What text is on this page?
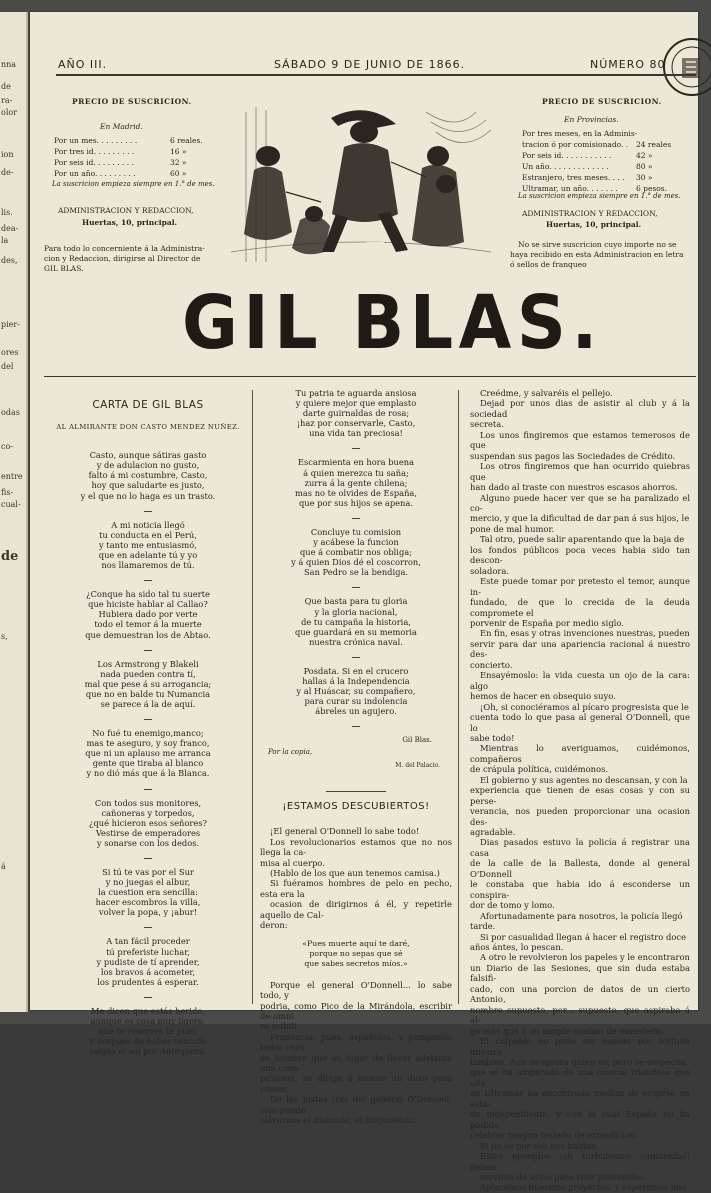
nna
de
ra-
olor
ion
de-
lis.
dea-
la
des,
pier-
ores
del
odas
co-
entre
fis-
cual-
de
s,
á
AÑO III.	SÁBADO 9 DE JUNIO DE 1866.	NÚMERO 80
PRECIO DE SUSCRICION.
En Madrid.
Por un mes. . . . . . . . .	6 reales.
Por tres id. . . . . . . . .	16 »
Por seis id. . . . . . . . .	32 »
Por un año. . . . . . . . .	60 »
La suscricion empieza siempre en 1.° de mes.
ADMINISTRACION Y REDACCION,
Huertas, 10, principal.
Para todo lo concerniente á la Administra-
cion y Redaccion, dirigirse al Director de
GIL BLAS.
PRECIO DE SUSCRICION.
En Provincias.
Por tres meses, en la Adminis-
tracion ó por comisionado. . 24 reales
Por seis id. . . . . . . . . . .	42 »
Un año. . . . . . . . . . . . .	80 »
Estranjero, tres meses. . . . 30 »
Ultramar, un año. . . . . . . 6 pesos.
La suscricion empieza siempre en 1.° de mes.
ADMINISTRACION Y REDACCION,
Huertas, 10, principal.
No se sirve suscricion cuyo importe no se
haya recibido en esta Administracion en letra
ó sellos de franqueo
GIL BLAS.
CARTA DE GIL BLAS
AL ALMIRANTE DON CASTO MENDEZ NUÑEZ.
Casto, aunque sátiras gasto
y de adulacion no gusto,
falto á mi costumbre, Casto,
hoy que saludarte es justo,
y el que no lo haga es un trasto.
A mi noticia llegó
tu conducta en el Perú,
y tanto me entusiasmó,
que en adelante tú y yo
nos llamaremos de tú.
¿Conque ha sido tal tu suerte
que hiciste hablar al Callao?
Hubiera dado por verte
todo el temor á la muerte
que demuestran los de Abtao.
Los Armstrong y Blakeli
nada pueden contra tí,
mal que pese á su arrogancia;
que no en balde tu Numancia
se parece á la de aquí.
No fué tu enemigo,manco;
mas te aseguro, y soy franco,
que ni un aplauso me arranca
gente que tiraba al blanco
y no dió más que á la Blanca.
Con todos sus monitores,
cañoneras y torpedos,
¿qué hicieron esos señores?
Vestirse de emperadores
y sonarse con los dedos.
Si tú te vas por el Sur
y no juegas el albur,
la cuestion era sencilla:
hacer escombros la villa,
volver la popa, y ¡abur!
A tan fácil proceder
tú preferiste luchar,
y pudiste de tí aprender,
los bravos á acometer,
los prudentes á esperar.
Me dicen que estás herido,
aunque es cosa muy ligera;
que te reserves te pido,
y después de haber vencido
salgas el sol por Antequera.
Tu patria te aguarda ansiosa
y quiere mejor que emplasto
darte guirnaldas de rosa;
¡haz por conservarle, Casto,
una vida tan preciosa!
Escarmienta en hora buena
á quien merezca tu saña;
zurra á la gente chilena;
mas no te olvides de España,
que por sus hijos se apena.
Concluye tu comision
y acábese la funcion
que á combatir nos obliga;
y á quien Dios dé el coscorron,
San Pedro se la bendiga.
Que basta para tu gloria
y la gloria nacional,
de tu campaña la historia,
que guardará en su memoria
nuestra crónica naval.
Posdata. Si en el crucero
hallas á la Independencia
y al Huáscar, su compañero,
para curar su indolencia
ábreles un agujero.
Gil Blas.
Por la copia,
M. del Palacio.
¡ESTAMOS DESCUBIERTOS!

¡El general O'Donnell lo sabe todo!

Los revolucionarios estamos que no nos llega la ca-

misa al cuerpo.

(Hablo de los que aun tenemos camisa.)

Si fuéramos hombres de pelo en pecho, esta era la

ocasion de dirigirnos á él, y repetirle aquello de Cal-

deron:

«Pues muerte aquí te daré,
porque no sepas que sé
que sabes secretos míos.»

Porque el general O'Donnell... lo sabe todo, y

podria, como Pico de la Mirándola, escribir de omni

re scibili.

Prudencia, pues, españoles, y pongamos todos cara

de hombre que en lugar de llevar adelante una cons-

piracion, se dirige á buscar un duro para comer.

De las justas iras del general O'Donnell, sólo puede

salvarnos el disimulo, el fingimiento.

Creédme, y salvaréis el pellejo.

Dejad por unos dias de asistir al club y á la sociedad

secreta.

Los unos fingiremos que estamos temerosos de que

suspendan sus pagos las Sociedades de Crédito.

Los otros fingiremos que han ocurrido quiebras que

han dado al traste con nuestros escasos ahorros.

Alguno puede hacer ver que se ha paralizado el co-

mercio, y que la dificultad de dar pan á sus hijos, le

pone de mal humor.

Tal otro, puede salir aparentando que la baja de

los fondos públicos poca veces habia sido tan descon-

soladora.

Este puede tomar por pretesto el temor, aunque in-

fundado, de que lo crecida de la deuda compromete el

porvenir de España por medio siglo.

En fin, esas y otras invenciones nuestras, pueden

servir para dar una apariencia racional á nuestro des-

concierto.

Ensayémoslo: la vida cuesta un ojo de la cara: algo

hemos de hacer en obsequio suyo.

¡Oh, si conociéramos al pícaro progresista que le

cuenta todo lo que pasa al general O'Donnell, que lo

sabe todo!

Mientras lo averiguamos, cuidémonos, compañeros

de crápula política, cuidémonos.

El gobierno y sus agentes no descansan, y con la

experiencia que tienen de esas cosas y con su perse-

verancia, nos pueden proporcionar una ocasion des-

agradable.

Dias pasados estuvo la policía á registrar una casa

de la calle de la Ballesta, donde al general O'Donnell

le constaba que habia ido á esconderse un conspira-

dor de tomo y lomo.

Afortunadamente para nosotros, la policía llegó

tarde.

Si por casualidad llegan á hacer el registro doce

años ántes, lo pescan.

A otro le revolvieron los papeles y le encontraron

un Diario de las Sesiones, que sin duda estaba falsifi-

cado, con una porcion de datos de un cierto Antonio,

nombre supuesto, por... supuesto, que aspiraba á al-

go más que á un simple cambio de ministerio.

El culpable no pudo ser habido por fortuna nuestra

tambien. Aun se ignora quién es; pero se sospecha

que se ha amparado de una colonia irlandesa que allá

en Ultramar ha encontrado medios de erigirse en esta-

do independiente, y con la cual España no ha podido

celebrar ningun tratado de extradicion.

Si no es por eso nos baldan.

Estos ejemplos ¡oh turbulentos camaradas! deben

serviros de aviso para vivir prevenidos.

Aplacemos nuestros proyectos, y esperemos una
